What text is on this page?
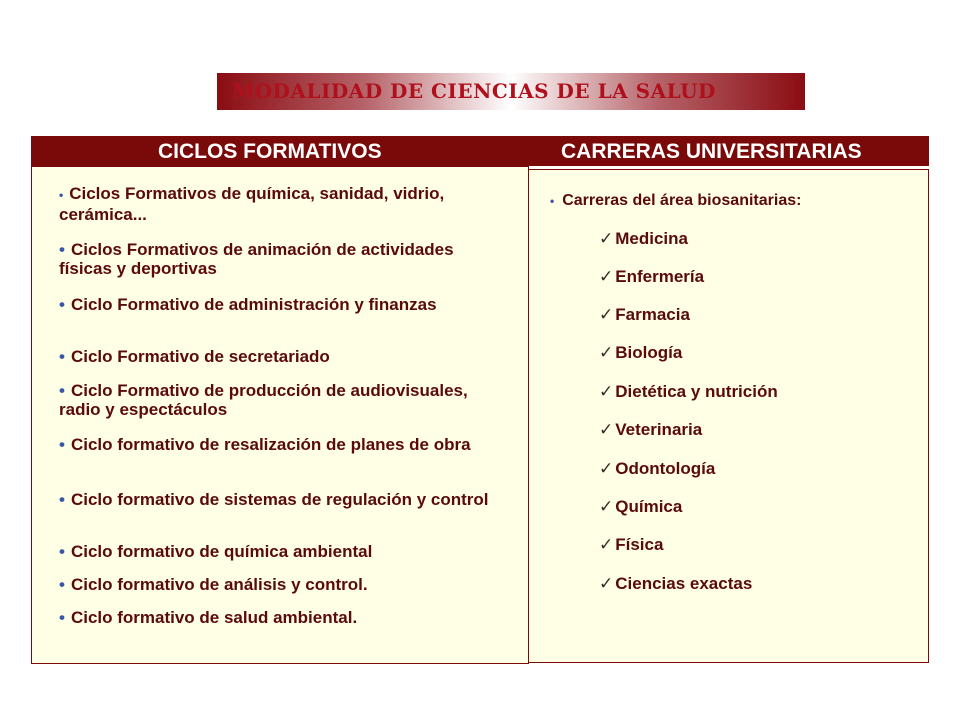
MODALIDAD DE CIENCIAS DE LA SALUD
CICLOS FORMATIVOS	CARRERAS UNIVERSITARIAS
• Carreras del área biosanitarias:
✓ Medicina
✓ Enfermería
✓ Farmacia
✓ Biología
✓ Dietética y nutrición
✓ Veterinaria
✓ Odontología
✓ Química
✓ Física
✓ Ciencias exactas
• Ciclos Formativos de química, sanidad, vidrio, cerámica...
• Ciclos Formativos de animación de actividades físicas y deportivas
• Ciclo Formativo de administración y finanzas
• Ciclo Formativo de secretariado
• Ciclo Formativo de producción de audiovisuales, radio y espectáculos
• Ciclo formativo de resalización de planes de obra
• Ciclo formativo de sistemas de regulación y control
• Ciclo formativo de química ambiental
• Ciclo formativo de análisis y control.
• Ciclo formativo de salud ambiental.
